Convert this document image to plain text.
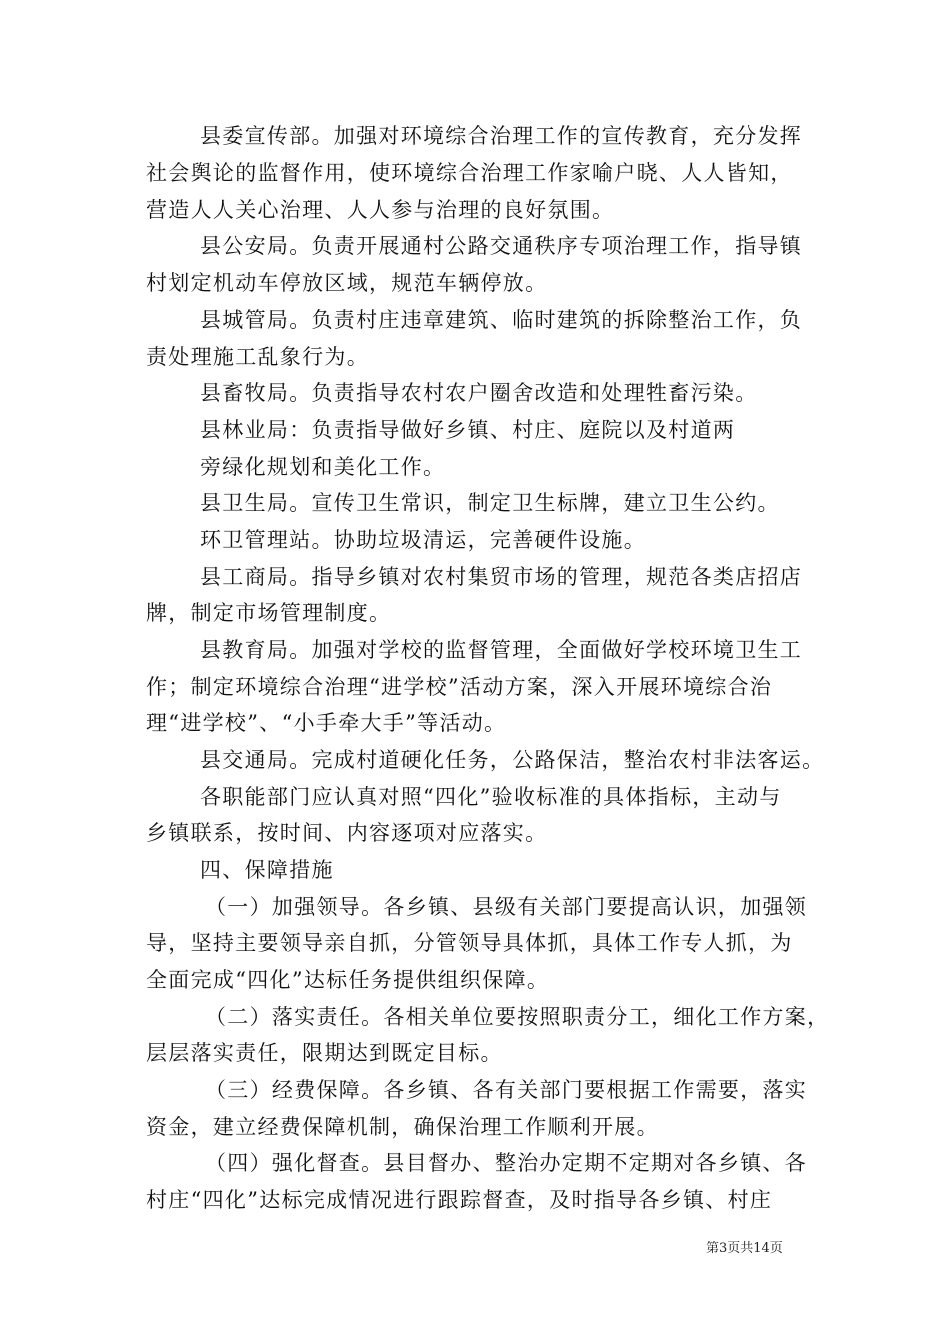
县委宣传部。加强对环境综合治理工作的宣传教育，充分发挥
社会舆论的监督作用，使环境综合治理工作家喻户晓、人人皆知，
营造人人关心治理、人人参与治理的良好氛围。
县公安局。负责开展通村公路交通秩序专项治理工作，指导镇
村划定机动车停放区域，规范车辆停放。
县城管局。负责村庄违章建筑、临时建筑的拆除整治工作，负
责处理施工乱象行为。
县畜牧局。负责指导农村农户圈舍改造和处理牲畜污染。
县林业局：负责指导做好乡镇、村庄、庭院以及村道两
旁绿化规划和美化工作。
县卫生局。宣传卫生常识，制定卫生标牌，建立卫生公约。
环卫管理站。协助垃圾清运，完善硬件设施。
县工商局。指导乡镇对农村集贸市场的管理，规范各类店招店
牌，制定市场管理制度。
县教育局。加强对学校的监督管理，全面做好学校环境卫生工
作；制定环境综合治理“进学校”活动方案，深入开展环境综合治
理“进学校”、“小手牵大手”等活动。
县交通局。完成村道硬化任务，公路保洁，整治农村非法客运。
各职能部门应认真对照“四化”验收标准的具体指标，主动与
乡镇联系，按时间、内容逐项对应落实。
四、保障措施
（一）加强领导。各乡镇、县级有关部门要提高认识，加强领
导，坚持主要领导亲自抓，分管领导具体抓，具体工作专人抓，为
全面完成“四化”达标任务提供组织保障。
（二）落实责任。各相关单位要按照职责分工，细化工作方案，
层层落实责任，限期达到既定目标。
（三）经费保障。各乡镇、各有关部门要根据工作需要，落实
资金，建立经费保障机制，确保治理工作顺利开展。
（四）强化督查。县目督办、整治办定期不定期对各乡镇、各
村庄“四化”达标完成情况进行跟踪督查，及时指导各乡镇、村庄
第3页共14页
